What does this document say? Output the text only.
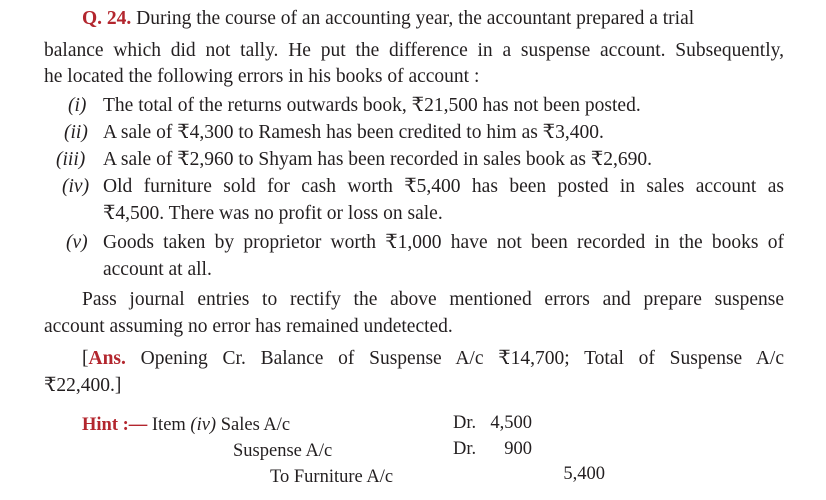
Q. 24. During the course of an accounting year, the accountant prepared a trial
balance which did not tally. He put the difference in a suspense account. Subsequently,
he located the following errors in his books of account :
(i) The total of the returns outwards book, ₹21,500 has not been posted.
(ii) A sale of ₹4,300 to Ramesh has been credited to him as ₹3,400.
(iii) A sale of ₹2,960 to Shyam has been recorded in sales book as ₹2,690.
(iv) Old furniture sold for cash worth ₹5,400 has been posted in sales account as
₹4,500. There was no profit or loss on sale.
(v) Goods taken by proprietor worth ₹1,000 have not been recorded in the books of
account at all.
Pass journal entries to rectify the above mentioned errors and prepare suspense
account assuming no error has remained undetected.
[Ans. Opening Cr. Balance of Suspense A/c ₹14,700; Total of Suspense A/c
₹22,400.]
Hint :— Item (iv) Sales A/c	Dr. 4,500
Suspense A/c	Dr.	900
To Furniture A/c	5,400
